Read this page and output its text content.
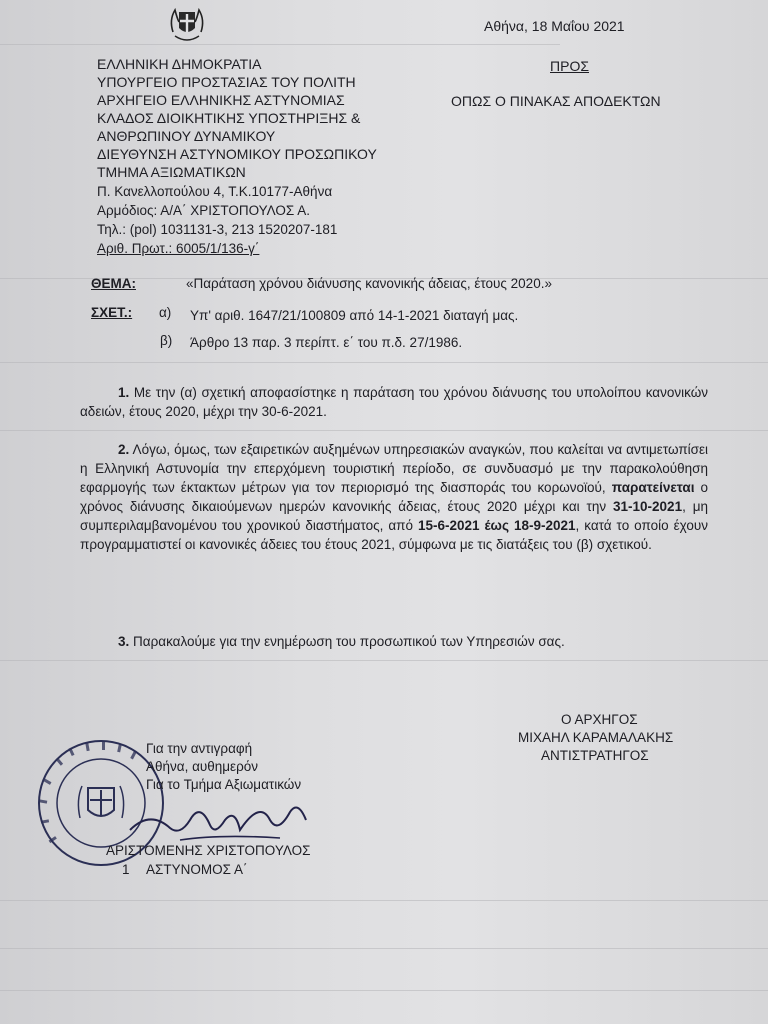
Αθήνα, 18 Μαΐου 2021
ΕΛΛΗΝΙΚΗ ΔΗΜΟΚΡΑΤΙΑ
ΥΠΟΥΡΓΕΙΟ ΠΡΟΣΤΑΣΙΑΣ ΤΟΥ ΠΟΛΙΤΗ
ΑΡΧΗΓΕΙΟ ΕΛΛΗΝΙΚΗΣ ΑΣΤΥΝΟΜΙΑΣ
ΚΛΑΔΟΣ ΔΙΟΙΚΗΤΙΚΗΣ ΥΠΟΣΤΗΡΙΞΗΣ &
ΑΝΘΡΩΠΙΝΟΥ ΔΥΝΑΜΙΚΟΥ
ΔΙΕΥΘΥΝΣΗ ΑΣΤΥΝΟΜΙΚΟΥ ΠΡΟΣΩΠΙΚΟΥ
ΤΜΗΜΑ ΑΞΙΩΜΑΤΙΚΩΝ
Π. Κανελλοπούλου 4, Τ.Κ.10177-Αθήνα
Αρμόδιος: Α/Α΄ ΧΡΙΣΤΟΠΟΥΛΟΣ Α.
Τηλ.: (pol) 1031131-3, 213 1520207-181
Αριθ. Πρωτ.: 6005/1/136-γ΄
ΠΡΟΣ
ΟΠΩΣ Ο ΠΙΝΑΚΑΣ ΑΠΟΔΕΚΤΩΝ
ΘΕΜΑ:	«Παράταση χρόνου διάνυσης κανονικής άδειας, έτους 2020.»
ΣΧΕΤ.: α) Υπ' αριθ. 1647/21/100809 από 14-1-2021 διαταγή μας.
β) Άρθρο 13 παρ. 3 περίπτ. ε΄ του π.δ. 27/1986.
1. Με την (α) σχετική αποφασίστηκε η παράταση του χρόνου διάνυσης του υπολοίπου κανονικών αδειών, έτους 2020, μέχρι την 30-6-2021.
2. Λόγω, όμως, των εξαιρετικών αυξημένων υπηρεσιακών αναγκών, που καλείται να αντιμετωπίσει η Ελληνική Αστυνομία την επερχόμενη τουριστική περίοδο, σε συνδυασμό με την παρακολούθηση εφαρμογής των έκτακτων μέτρων για τον περιορισμό της διασποράς του κορωνοϊού, παρατείνεται ο χρόνος διάνυσης δικαιούμενων ημερών κανονικής άδειας, έτους 2020 μέχρι και την 31-10-2021, μη συμπεριλαμβανομένου του χρονικού διαστήματος, από 15-6-2021 έως 18-9-2021, κατά το οποίο έχουν προγραμματιστεί οι κανονικές άδειες του έτους 2021, σύμφωνα με τις διατάξεις του (β) σχετικού.
3. Παρακαλούμε για την ενημέρωση του προσωπικού των Υπηρεσιών σας.
Ο ΑΡΧΗΓΟΣ
ΜΙΧΑΗΛ ΚΑΡΑΜΑΛΑΚΗΣ
ΑΝΤΙΣΤΡΑΤΗΓΟΣ
Για την αντιγραφή
Αθήνα, αυθημερόν
Για το Τμήμα Αξιωματικών
ΑΡΙΣΤΟΜΕΝΗΣ ΧΡΙΣΤΟΠΟΥΛΟΣ
1 ΑΣΤΥΝΟΜΟΣ Α΄
